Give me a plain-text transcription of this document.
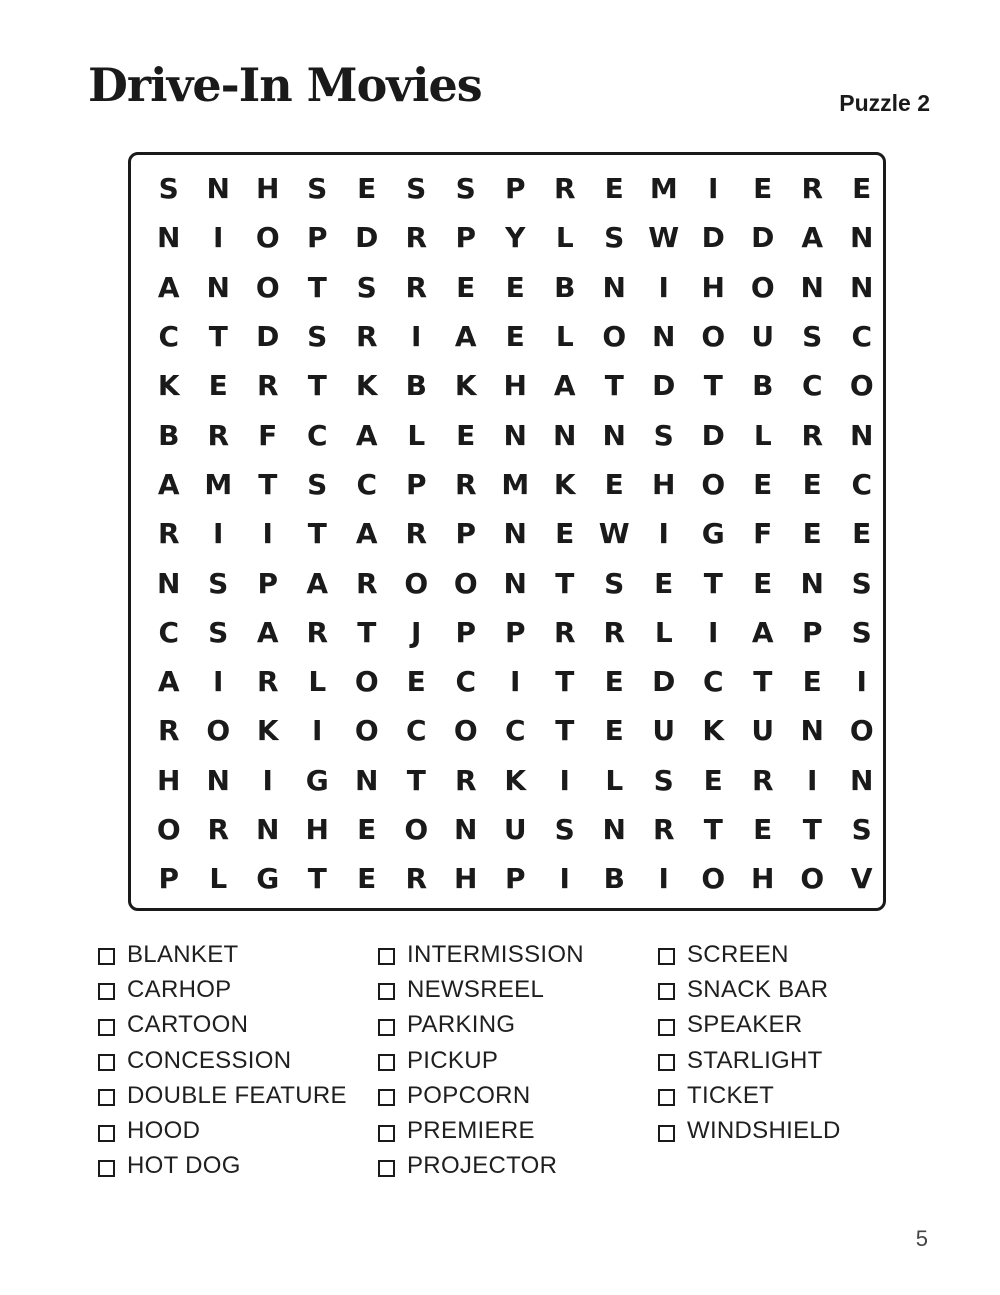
Drive-In Movies	Puzzle 2
S N H S	E	S	S	P	R	E M	I	E	R	E
N	I	O P D R	P	Y	L	S W D D A N
A N O	T	S	R	E	E	B N	I	H O N N
C	T	D S	R	I	A	E	L	O N O U	S	C
K	E	R	T	K B K H A	T	D	T	B	C O
B	R	F	C	A	L	E	N N N S D	L	R N
A M T	S	C	P	R M K	E	H O	E	E	C
R	I	I	T	A R	P N	E W	I	G	F	E	E
N S	P	A R O O N	T	S	E	T	E	N S
C	S	A R	T	J	P	P	R R	L	I	A	P	S
A	I	R	L	O	E	C	I	T	E	D C	T	E	I
R O K	I	O C O C	T	E	U K U N O
H N	I	G N	T	R K	I	L	S	E	R	I	N
O R N H	E	O N U	S N R	T	E	T	S
P	L	G	T	E	R H P	I	B	I	O H O V
BLANKET
CARHOP
CARTOON
CONCESSION
DOUBLE FEATURE
HOOD
HOT DOG
INTERMISSION
NEWSREEL
PARKING
PICKUP
POPCORN
PREMIERE
PROJECTOR
SCREEN
SNACK BAR
SPEAKER
STARLIGHT
TICKET
WINDSHIELD
5
